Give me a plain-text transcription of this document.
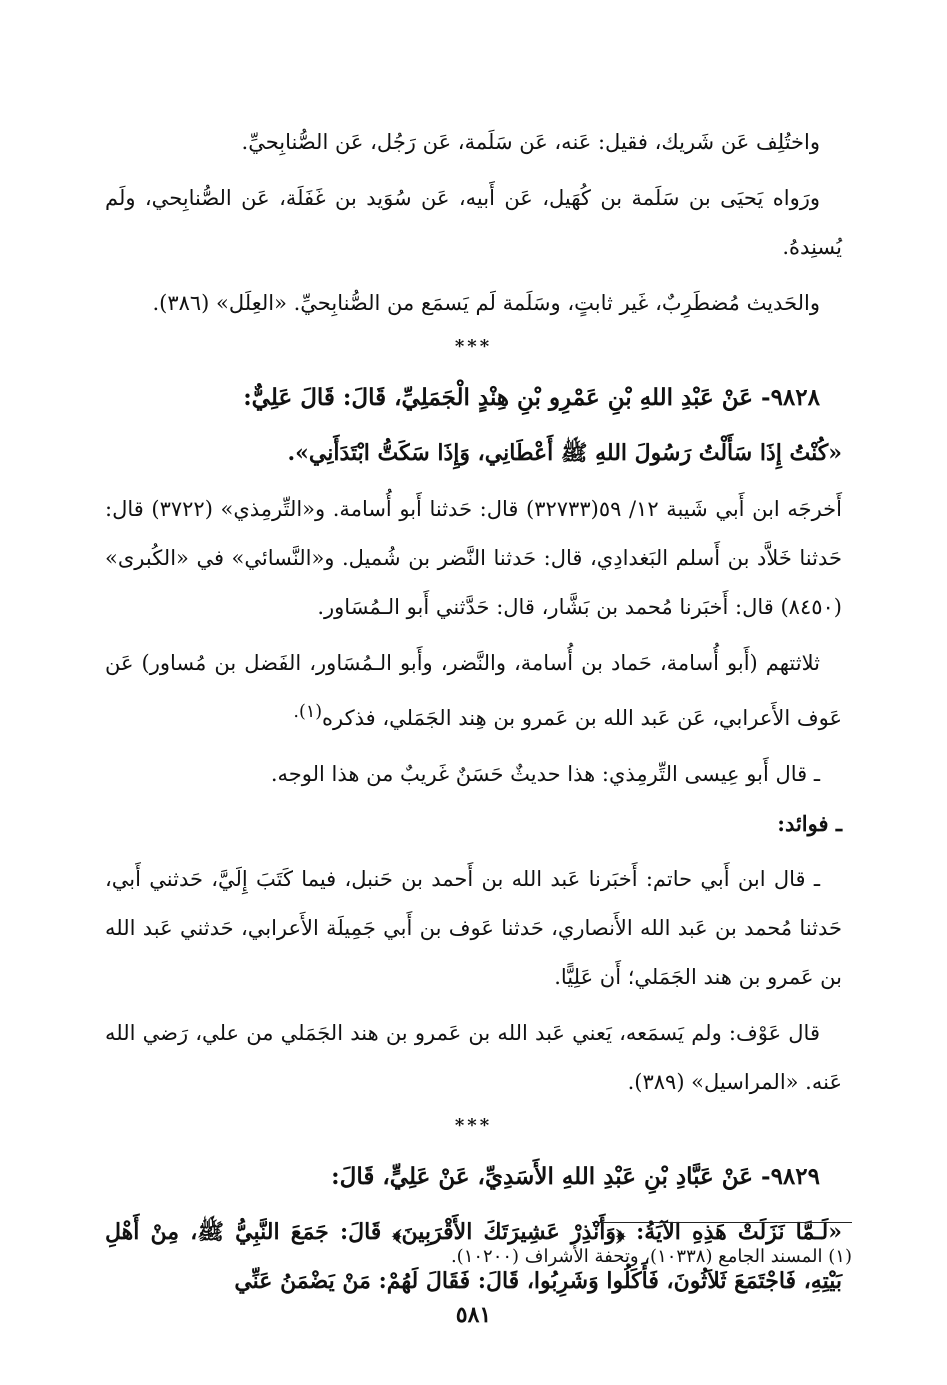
واختُلِف عَن شَريك، فقيل: عَنه، عَن سَلَمة، عَن رَجُل، عَن الصُّنابِحيِّ.

ورَواه يَحيَى بن سَلَمة بن كُهَيل، عَن أَبيه، عَن سُوَيد بن غَفَلَة، عَن الصُّنابِحي، ولَم يُسنِدهُ.

والحَديث مُضطَرِبٌ، غَير ثابتٍ، وسَلَمة لَم يَسمَع من الصُّنابِحيِّ. «العِلَل» (٣٨٦).

***

٩٨٢٨- عَنْ عَبْدِ اللهِ بْنِ عَمْرِو بْنِ هِنْدٍ الْجَمَلِيِّ، قَالَ: قَالَ عَلِيٌّ:

«كُنْتُ إِذَا سَأَلْتُ رَسُولَ اللهِ ﷺ أَعْطَانِي، وَإِذَا سَكَتُّ ابْتَدَأَنِي».

أَخرجَه ابن أَبي شَيبة ١٢/ ٥٩(٣٢٧٣٣) قال: حَدثنا أَبو أُسامة. و«التِّرمِذي» (٣٧٢٢) قال: حَدثنا خَلاَّد بن أَسلم البَغدادِي، قال: حَدثنا النَّضر بن شُميل. و«النَّسائي» في «الكُبرى» (٨٤٥٠) قال: أَخبَرنا مُحمد بن بَشَّار، قال: حَدَّثني أَبو الـمُسَاور.

ثلاثتهم (أَبو أُسامة، حَماد بن أُسامة، والنَّضر، وأَبو الـمُسَاور، الفَضل بن مُساور) عَن عَوف الأَعرابي، عَن عَبد الله بن عَمرو بن هِند الجَمَلي، فذكره$^{(١).}$

ـ قال أَبو عِيسى التِّرمِذي: هذا حديثٌ حَسَنٌ غَريبٌ من هذا الوجه.

ـ فوائد:

ـ قال ابن أَبي حاتم: أَخبَرنا عَبد الله بن أَحمد بن حَنبل، فيما كَتَبَ إِلَيَّ، حَدثني أَبي، حَدثنا مُحمد بن عَبد الله الأَنصاري، حَدثنا عَوف بن أَبي جَمِيلَة الأَعرابي، حَدثني عَبد الله بن عَمرو بن هند الجَمَلي؛ أَن عَلِيًّا.

قال عَوْف: ولم يَسمَعه، يَعني عَبد الله بن عَمرو بن هند الجَمَلي من علي، رَضي الله عَنه. «المراسيل» (٣٨٩).

***

٩٨٢٩- عَنْ عَبَّادِ بْنِ عَبْدِ اللهِ الأَسَدِيِّ، عَنْ عَلِيٍّ، قَالَ:

«لَـمَّا نَزَلَتْ هَذِهِ الآيَةُ: ﴿وَأَنْذِرْ عَشِيرَتَكَ الأَقْرَبِينَ﴾ قَالَ: جَمَعَ النَّبِيُّ ﷺ، مِنْ أَهْلِ بَيْتِهِ، فَاجْتَمَعَ ثَلاَثُونَ، فَأَكَلُوا وَشَرِبُوا، قَالَ: فَقَالَ لَهُمْ: مَنْ يَضْمَنُ عَنِّي

(١) المسند الجامع (١٠٣٣٨)، وتحفة الأشراف (١٠٢٠٠).
٥٨١
